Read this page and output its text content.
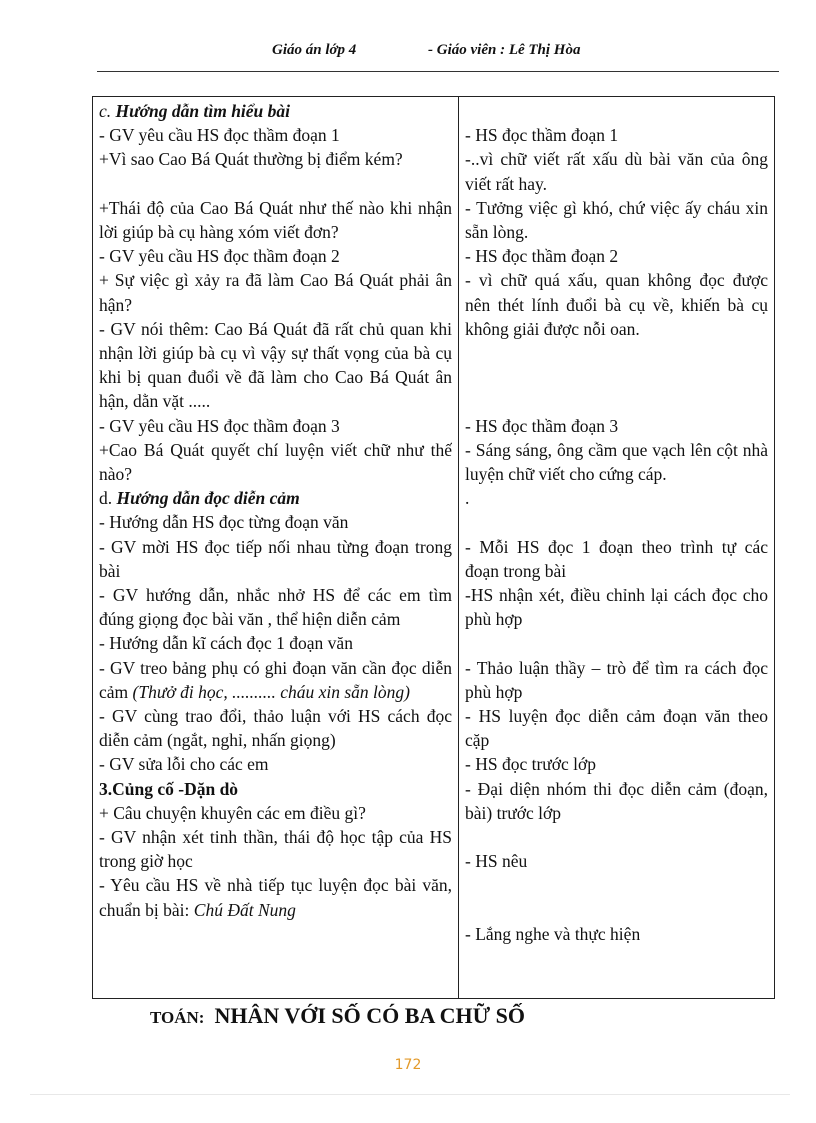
Giáo án lớp 4	- Giáo viên : Lê Thị Hòa
c. Hướng dẫn tìm hiểu bài
- GV yêu cầu HS đọc thầm đoạn 1
+Vì sao Cao Bá Quát thường bị điểm kém?
+Thái độ của Cao Bá Quát như thế nào khi nhận lời giúp bà cụ hàng xóm viết đơn?
- GV yêu cầu HS đọc thầm đoạn 2
+ Sự việc gì xảy ra đã làm Cao Bá Quát phải ân hận?
- GV nói thêm: Cao Bá Quát đã rất chủ quan khi nhận lời giúp bà cụ vì vậy sự thất vọng của bà cụ khi bị quan đuổi về đã làm cho Cao Bá Quát ân hận, dằn vặt .....
- GV yêu cầu HS đọc thầm đoạn 3
+Cao Bá Quát quyết chí luyện viết chữ như thế nào?
d. Hướng dẫn đọc diễn cảm
- Hướng dẫn HS đọc từng đoạn văn
- GV mời HS đọc tiếp nối nhau từng đoạn trong bài
- GV hướng dẫn, nhắc nhở HS để các em tìm đúng giọng đọc bài văn , thể hiện diễn cảm
- Hướng dẫn kĩ cách đọc 1 đoạn văn
- GV treo bảng phụ có ghi đoạn văn cần đọc diễn cảm (Thưở đi học, .......... cháu xin sẵn lòng)
- GV cùng trao đổi, thảo luận với HS cách đọc diễn cảm (ngắt, nghỉ, nhấn giọng)
- GV sửa lỗi cho các em
3.Củng cố -Dặn dò
+ Câu chuyện khuyên các em điều gì?
- GV nhận xét tinh thần, thái độ học tập của HS trong giờ học
- Yêu cầu HS về nhà tiếp tục luyện đọc bài văn, chuẩn bị bài: Chú Đất Nung
- HS đọc thầm đoạn 1
-..vì chữ viết rất xấu dù bài văn của ông viết rất hay.
- Tưởng việc gì khó, chứ việc ấy cháu xin sẵn lòng.
- HS đọc thầm đoạn 2
- vì chữ quá xấu, quan không đọc được nên thét lính đuổi bà cụ về, khiến bà cụ không giải được nỗi oan.
- HS đọc thầm đoạn 3
- Sáng sáng, ông cầm que vạch lên cột nhà luyện chữ viết cho cứng cáp.
.
- Mỗi HS đọc 1 đoạn theo trình tự các đoạn trong bài
-HS nhận xét, điều chỉnh lại cách đọc cho phù hợp
- Thảo luận thầy – trò để tìm ra cách đọc phù hợp
- HS luyện đọc diễn cảm đoạn văn theo cặp
- HS đọc trước lớp
- Đại diện nhóm thi đọc diễn cảm (đoạn, bài) trước lớp
- HS nêu
- Lắng nghe và thực hiện
TOÁN: NHÂN VỚI SỐ CÓ BA CHỮ SỐ
172
